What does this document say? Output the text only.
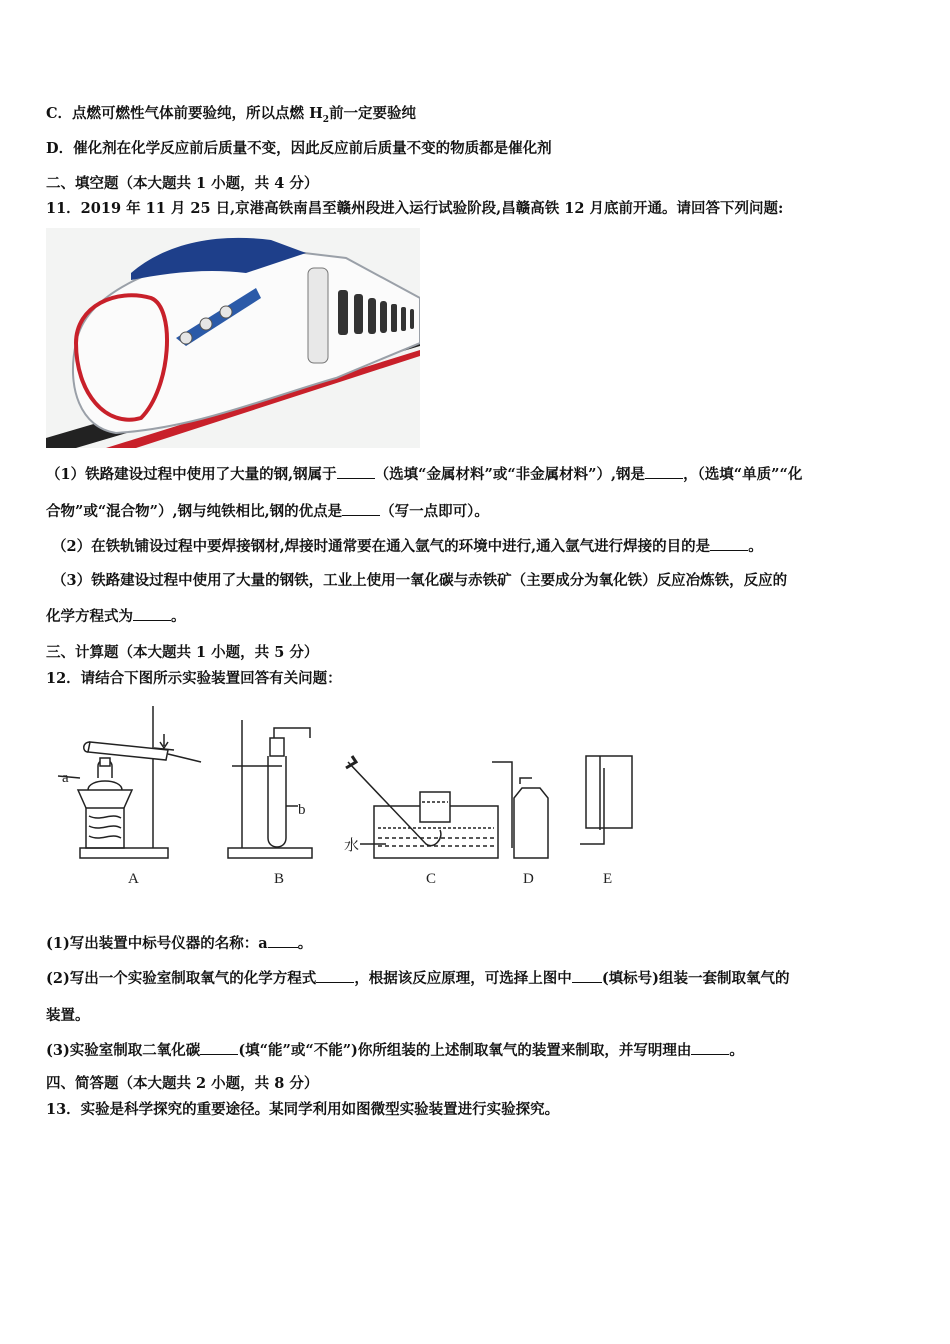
C．点燃可燃性气体前要验纯，所以点燃 $H_2$前一定要验纯
D．催化剂在化学反应前后质量不变，因此反应前后质量不变的物质都是催化剂
二、填空题（本大题共 1 小题，共 4 分）
11．2019 年 11 月 25 日,京港高铁南昌至赣州段进入运行试验阶段,昌赣高铁 12 月底前开通。请回答下列问题:
（1）铁路建设过程中使用了大量的钢,钢属于	（选填“金属材料”或“非金属材料”）,钢是	，（选填“单质”“化
合物”或“混合物”）,钢与纯铁相比,钢的优点是	（写一点即可）。
（2）在铁轨铺设过程中要焊接钢材,焊接时通常要在通入氩气的环境中进行,通入氩气进行焊接的目的是	。
（3）铁路建设过程中使用了大量的钢铁，工业上使用一氧化碳与赤铁矿（主要成分为氧化铁）反应冶炼铁，反应的
化学方程式为	。
三、计算题（本大题共 1 小题，共 5 分）
12．请结合下图所示实验装置回答有关问题：
a
A
b
B
水
C	D	E
(1)写出装置中标号仪器的名称：a 。
(2)写出一个实验室制取氧气的化学方程式	，根据该反应原理，可选择上图中 (填标号)组装一套制取氧气的
装置。
(3)实验室制取二氧化碳	(填“能”或“不能”)你所组装的上述制取氧气的装置来制取，并写明理由	。
四、简答题（本大题共 2 小题，共 8 分）
13．实验是科学探究的重要途径。某同学利用如图微型实验装置进行实验探究。
